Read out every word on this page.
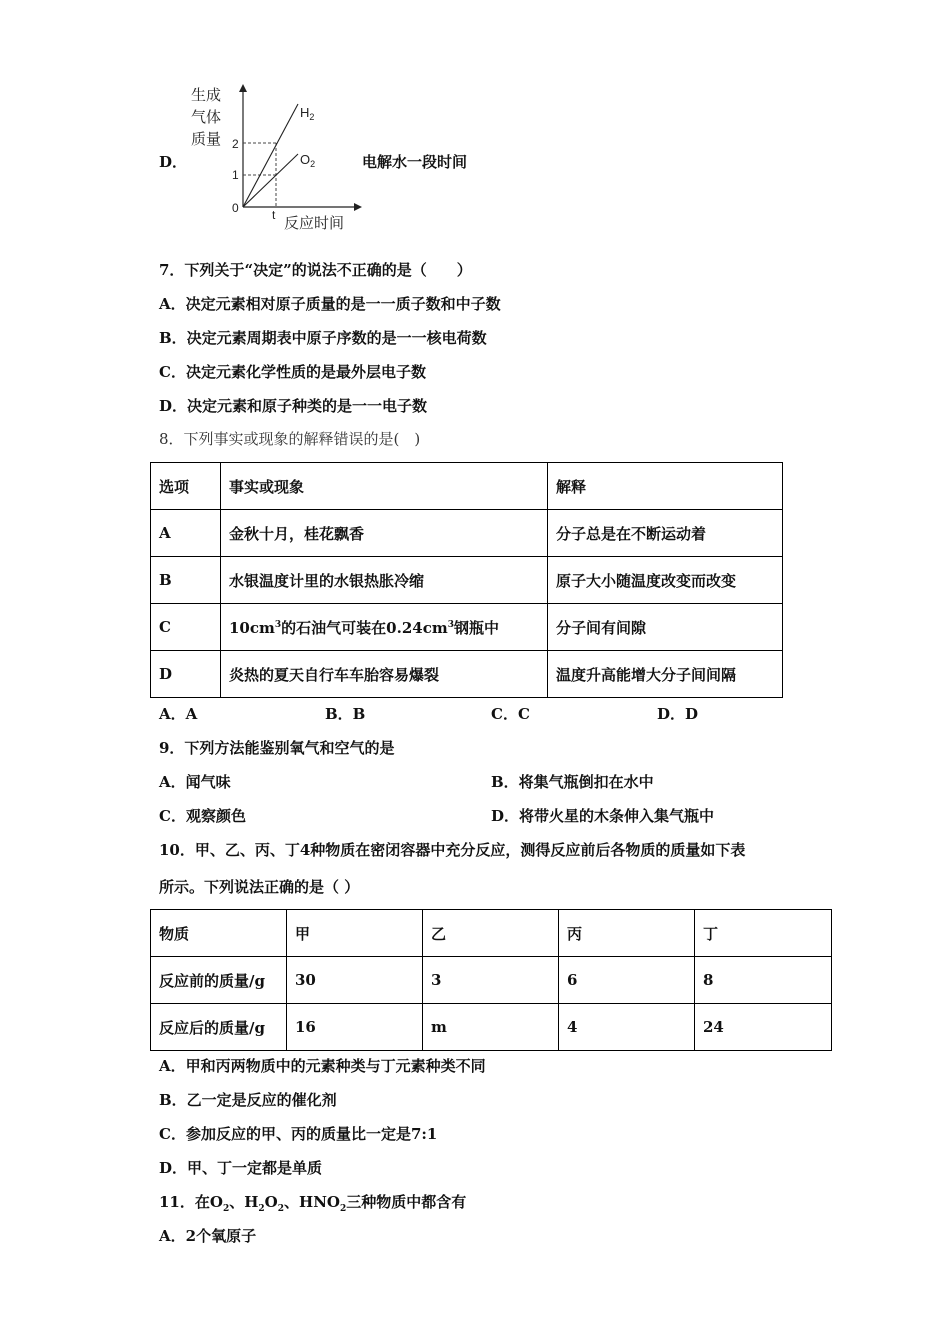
D．
生成
气体
质量
0
2
1
t 反应时间
$H_2$
$O_2$	电解水一段时间
7．下列关于“决定”的说法不正确的是（　　）
A．决定元素相对原子质量的是一一质子数和中子数
B．决定元素周期表中原子序数的是一一核电荷数
C．决定元素化学性质的是最外层电子数
D．决定元素和原子种类的是一一电子数
8．下列事实或现象的解释错误的是(　)
选项	事实或现象	解释
A	金秋十月，桂花飘香	分子总是在不断运动着
B	水银温度计里的水银热胀冷缩	原子大小随温度改变而改变
C	$10cm^3$的石油气可装在$0.24cm^3$钢瓶中	分子间有间隙
D	炎热的夏天自行车车胎容易爆裂	温度升高能增大分子间间隔
A．A	B．B	C．C	D．D
9．下列方法能鉴别氧气和空气的是
A．闻气味	B．将集气瓶倒扣在水中
C．观察颜色	D．将带火星的木条伸入集气瓶中
10．甲、乙、丙、丁4种物质在密闭容器中充分反应，测得反应前后各物质的质量如下表
所示。下列说法正确的是（ ）
物质	甲	乙	丙	丁
反应前的质量/g	30	3	6	8
反应后的质量/g	16	m	4	24
A．甲和丙两物质中的元素种类与丁元素种类不同
B．乙一定是反应的催化剂
C．参加反应的甲、丙的质量比一定是7:1
D．甲、丁一定都是单质
11．在$O_2$、$H_2O_2$、$HNO_2$三种物质中都含有
A．2个氧原子
